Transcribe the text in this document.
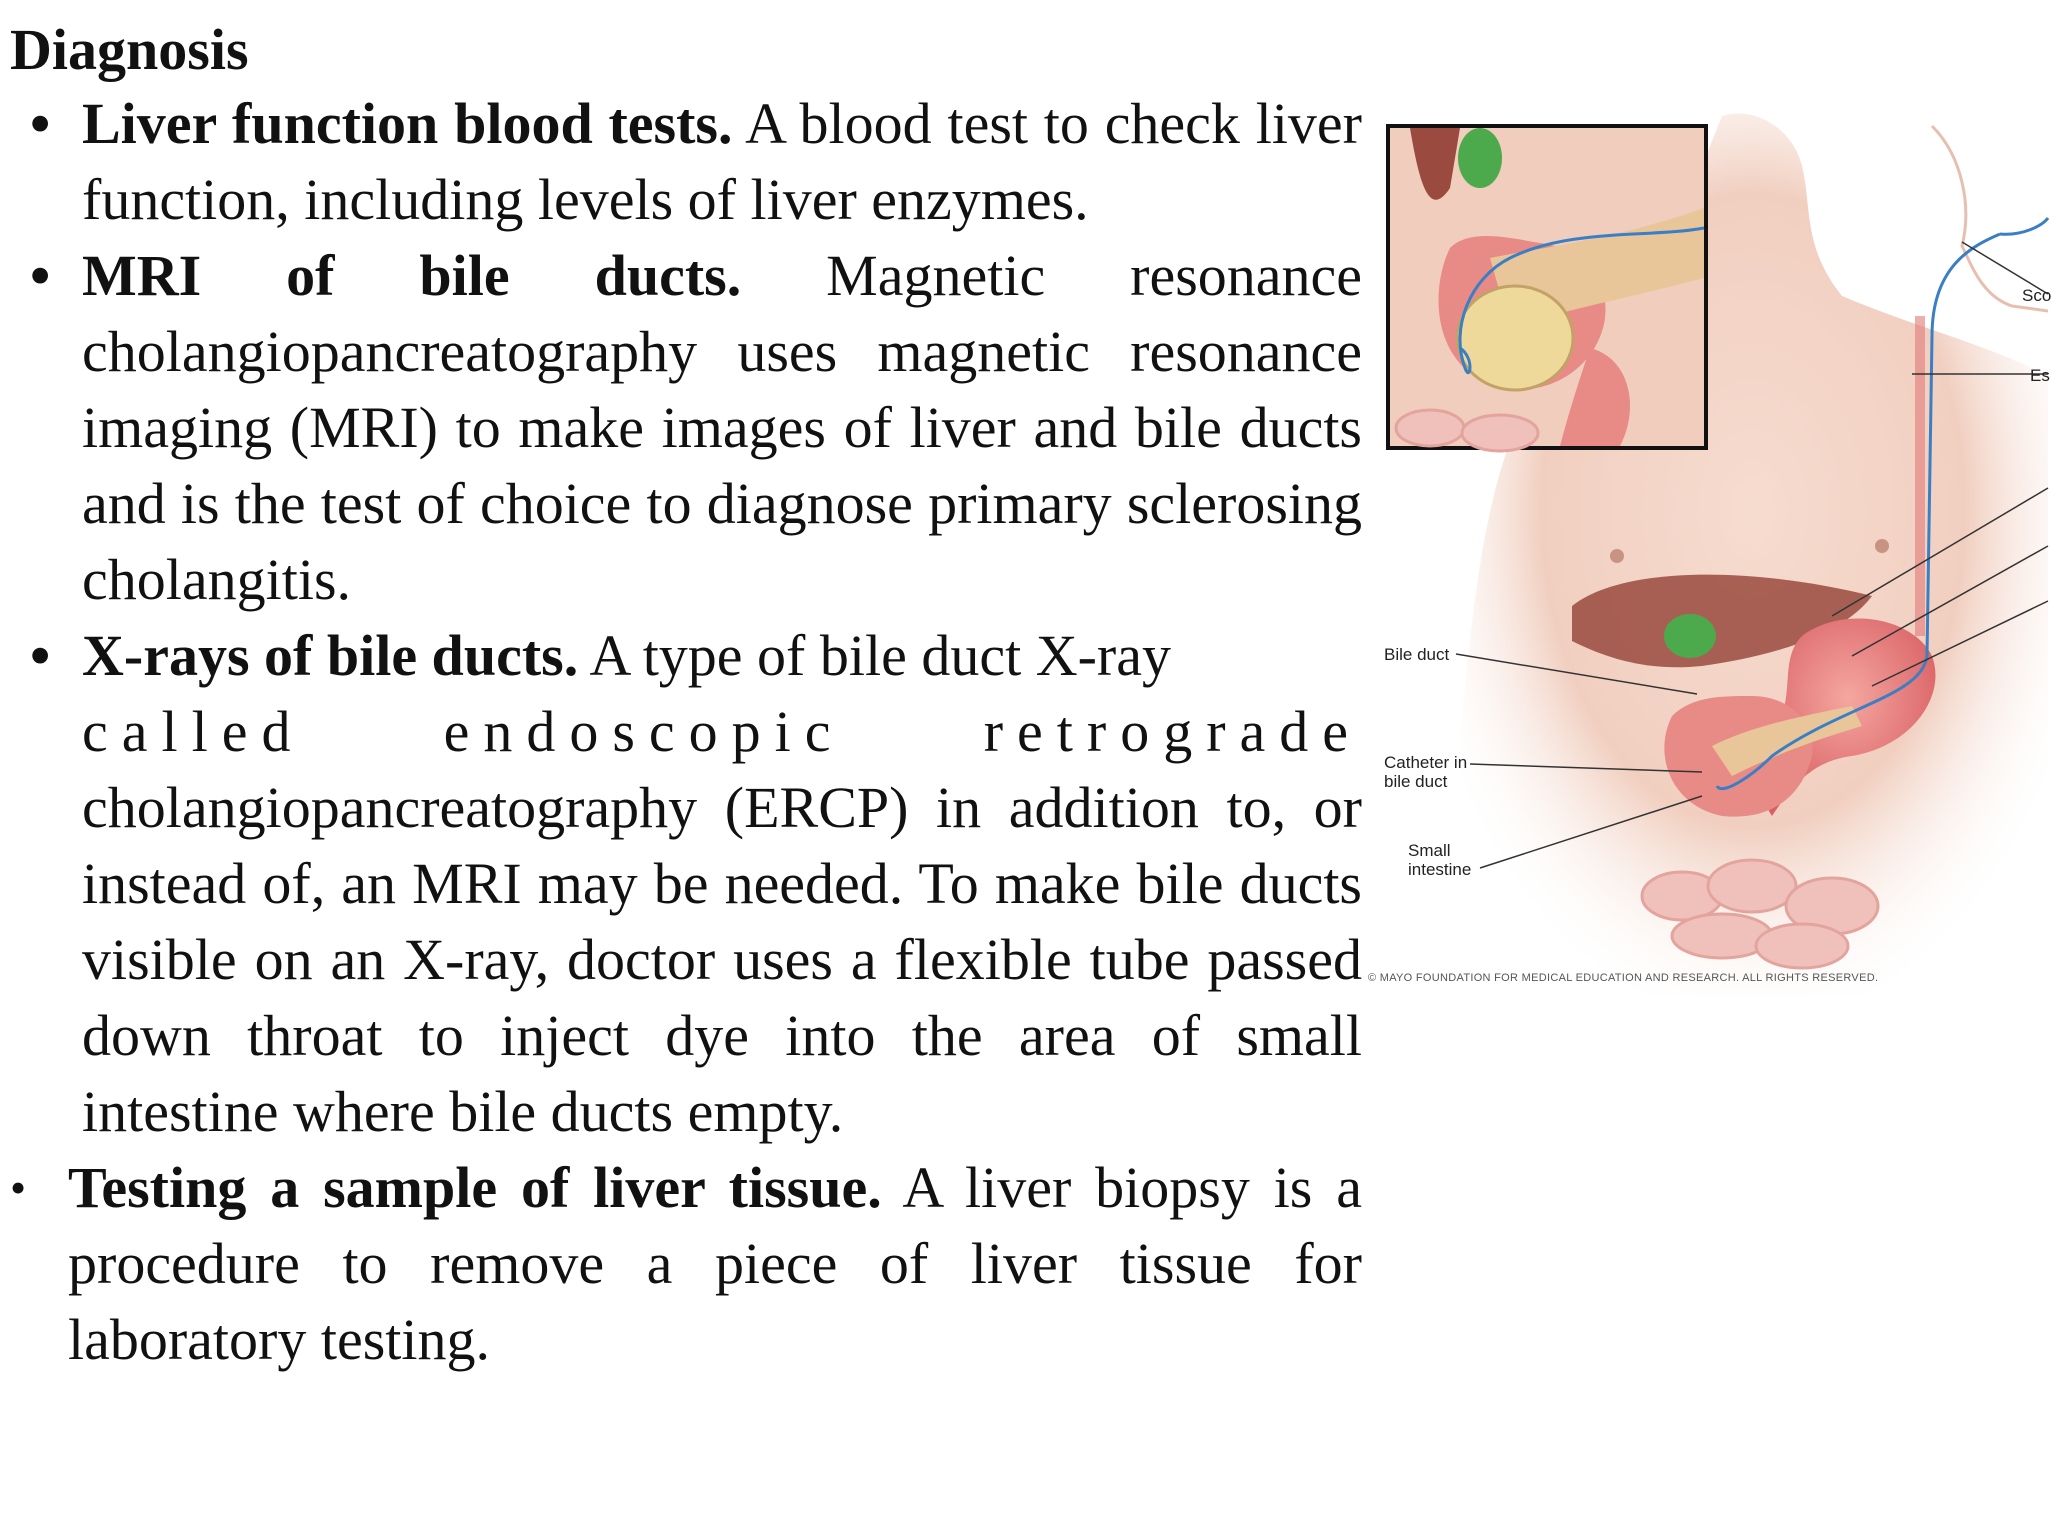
Diagnosis
• Liver function blood tests. A blood test to check liver function, including levels of liver enzymes.
• MRI of bile ducts. Magnetic resonance cholangiopancreatography uses magnetic resonance imaging (MRI) to make images of liver and bile ducts and is the test of choice to diagnose primary sclerosing cholangitis.
• X-rays of bile ducts. A type of bile duct X-ray
called endoscopic retrograde
cholangiopancreatography (ERCP) in addition to, or instead of, an MRI may be needed. To make bile ducts visible on an X-ray, doctor uses a flexible tube passed down throat to inject dye into the area of small intestine where bile ducts empty.
• Testing a sample of liver tissue. A liver biopsy is a procedure to remove a piece of liver tissue for laboratory testing.
Bile duct
Catheter in
bile duct
Small
intestine
Sco
Es
© MAYO FOUNDATION FOR MEDICAL EDUCATION AND RESEARCH. ALL RIGHTS RESERVED.
